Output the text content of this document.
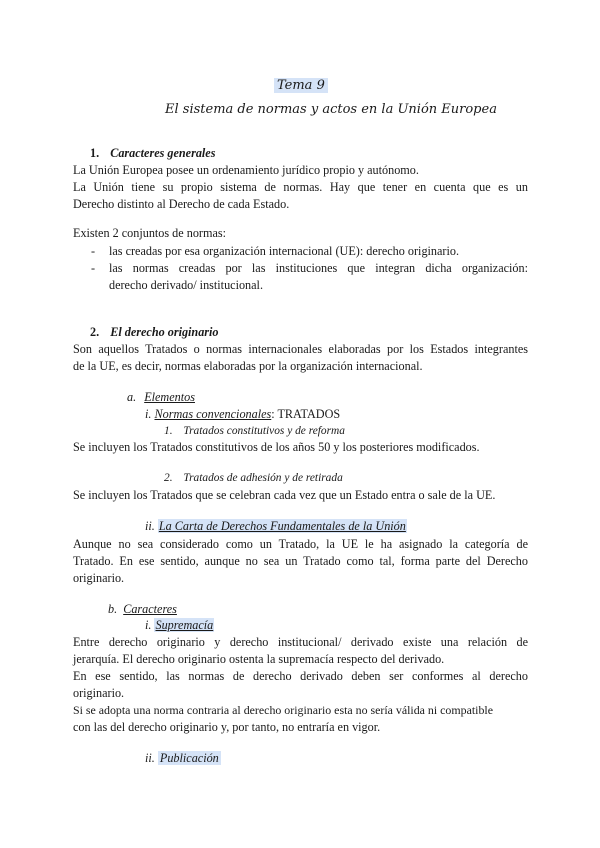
Tema 9
El sistema de normas y actos en la Unión Europea
1. Caracteres generales
La Unión Europea posee un ordenamiento jurídico propio y autónomo.
La Unión tiene su propio sistema de normas. Hay que tener en cuenta que es un
Derecho distinto al Derecho de cada Estado.
Existen 2 conjuntos de normas:
- las creadas por esa organización internacional (UE): derecho originario.
- las normas creadas por las instituciones que integran dicha organización:
derecho derivado/ institucional.
2. El derecho originario
Son aquellos Tratados o normas internacionales elaboradas por los Estados integrantes
de la UE, es decir, normas elaboradas por la organización internacional.
a. Elementos
i. Normas convencionales: TRATADOS
1. Tratados constitutivos y de reforma
Se incluyen los Tratados constitutivos de los años 50 y los posteriores modificados.
2. Tratados de adhesión y de retirada
Se incluyen los Tratados que se celebran cada vez que un Estado entra o sale de la UE.
ii. La Carta de Derechos Fundamentales de la Unión
Aunque no sea considerado como un Tratado, la UE le ha asignado la categoría de
Tratado. En ese sentido, aunque no sea un Tratado como tal, forma parte del Derecho
originario.
b. Caracteres
i. Supremacía
Entre derecho originario y derecho institucional/ derivado existe una relación de
jerarquía. El derecho originario ostenta la supremacía respecto del derivado.
En ese sentido, las normas de derecho derivado deben ser conformes al derecho
originario.
Si se adopta una norma contraria al derecho originario esta no sería válida ni compatible
con las del derecho originario y, por tanto, no entraría en vigor.
ii. Publicación
